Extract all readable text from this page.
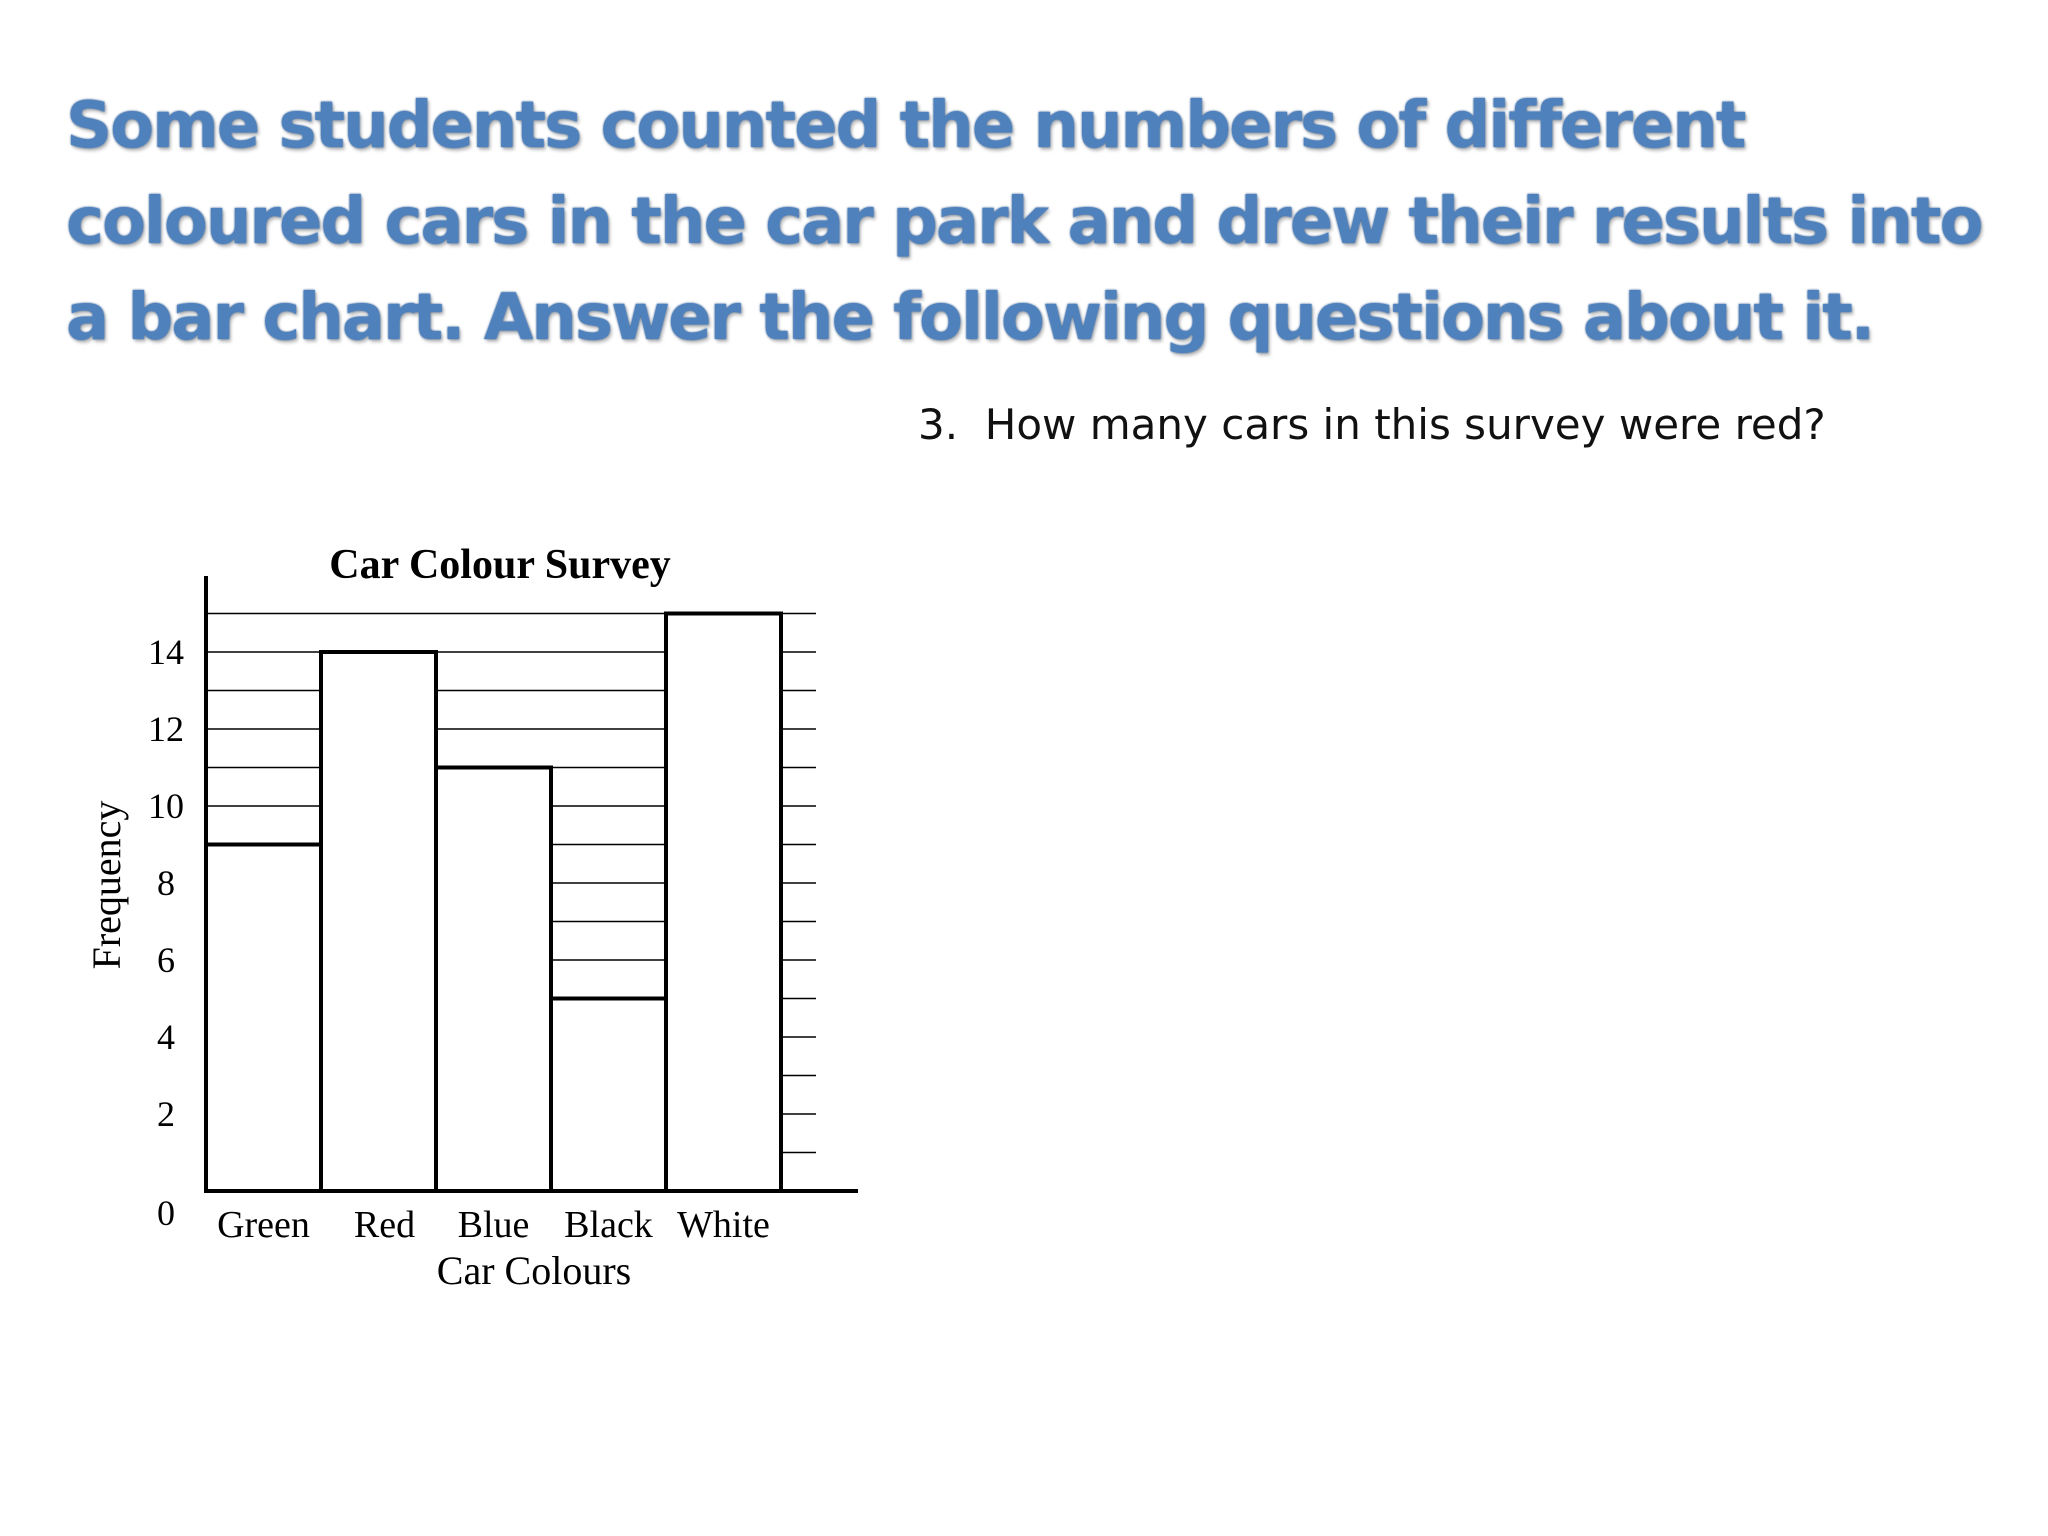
Some students counted the numbers of different coloured cars in the car park and drew their results into a bar chart. Answer the following questions about it.
3.  How many cars in this survey were red?
Car Colour Survey
0
2
4
6
8
10
12
14
Green Red Blue Black White
Car Colours
Frequency
